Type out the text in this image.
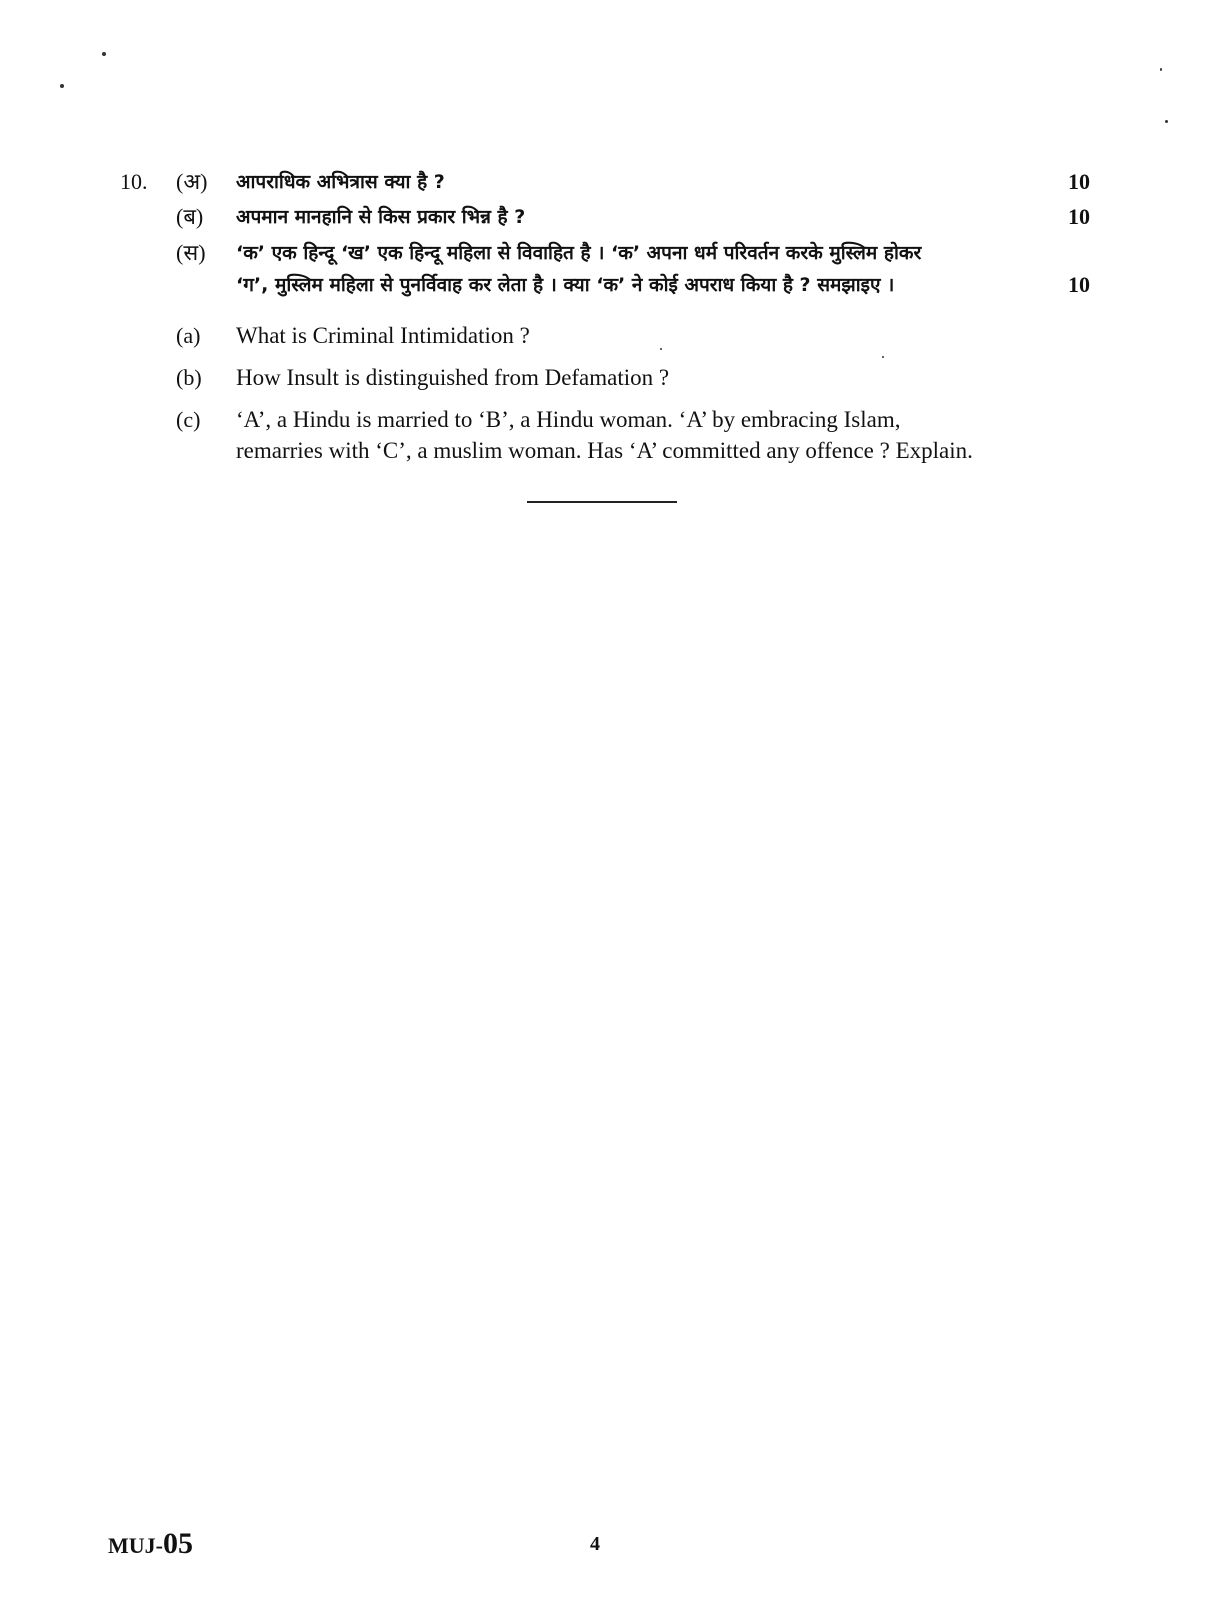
10. (अ) आपराधिक अभित्रास क्या है ?	10
(ब) अपमान मानहानि से किस प्रकार भिन्न है ?	10
(स) ‘क’ एक हिन्दू ‘ख’ एक हिन्दू महिला से विवाहित है । ‘क’ अपना धर्म परिवर्तन करके मुस्लिम होकर
‘ग’, मुस्लिम महिला से पुनर्विवाह कर लेता है । क्या ‘क’ ने कोई अपराध किया है ? समझाइए ।	10
(a) What is Criminal Intimidation ?
(b) How Insult is distinguished from Defamation ?
(c) ‘A’, a Hindu is married to ‘B’, a Hindu woman. ‘A’ by embracing Islam,
remarries with ‘C’, a muslim woman. Has ‘A’ committed any offence ? Explain.
MUJ-05	4
